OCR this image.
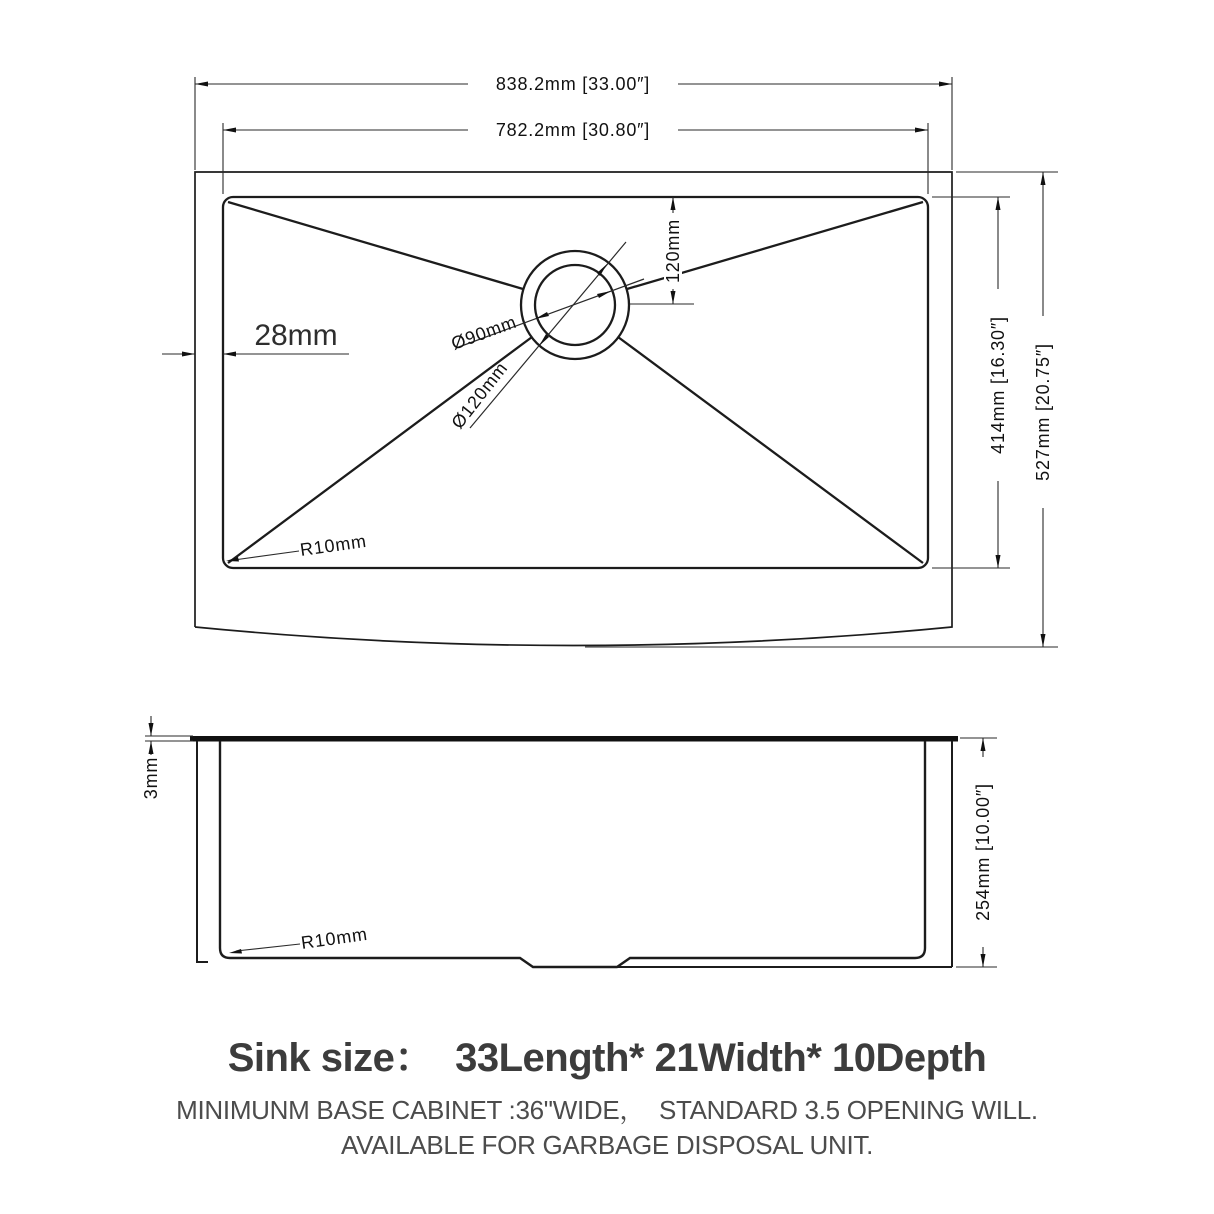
838.2mm [33.00″]
782.2mm [30.80″]
527mm [20.75″]
414mm [16.30″]
120mm
28mm
R10mm
Ø90mm
Ø120mm
3mm
254mm [10.00″]
R10mm
Sink size：  33Length* 21Width* 10Depth
MINIMUNM BASE CABINET :36"WIDE，  STANDARD 3.5 OPENING WILL.
AVAILABLE FOR GARBAGE DISPOSAL UNIT.
